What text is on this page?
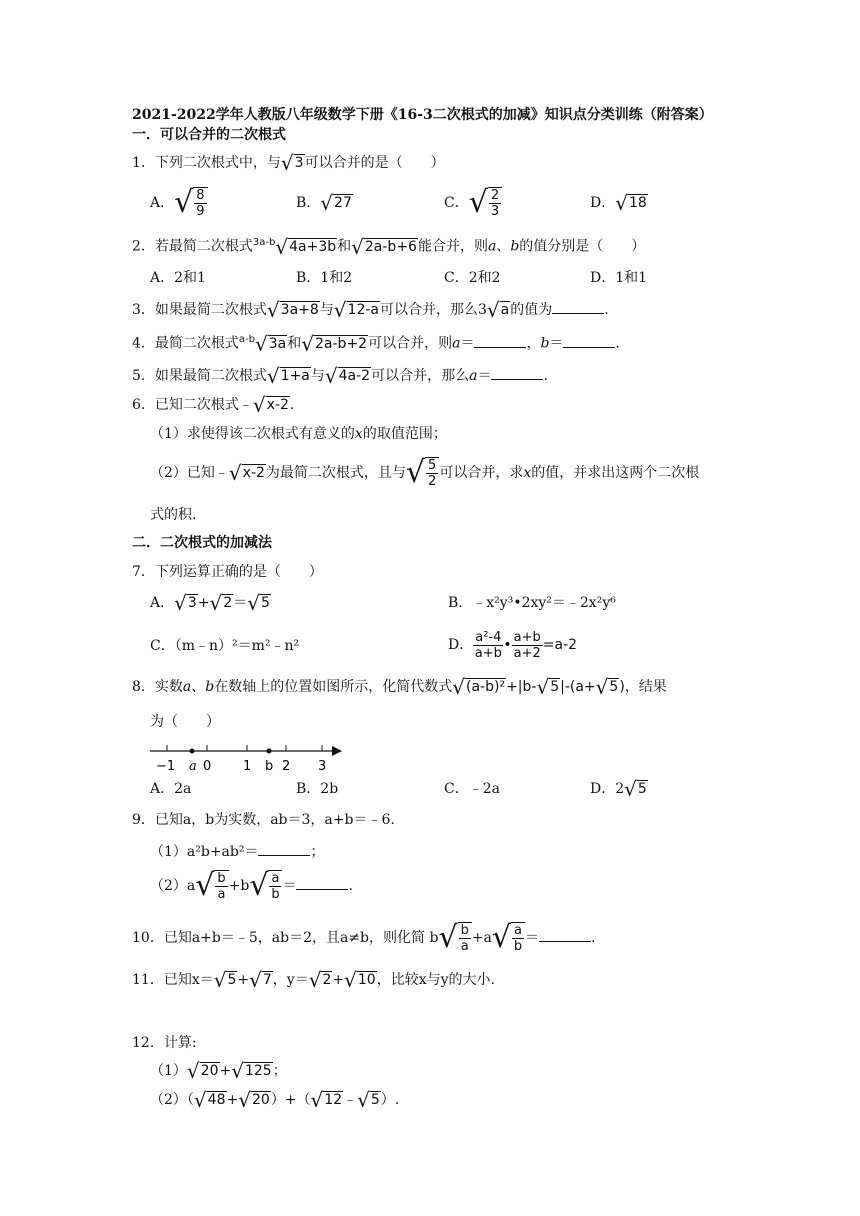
2021-2022学年人教版八年级数学下册《16-3二次根式的加减》知识点分类训练（附答案）
一．可以合并的二次根式
1．下列二次根式中，与√3可以合并的是（　　）
A．√ $\frac{8}{9}$	B．√27	C．√ $\frac{2}{3}$	D．√18
2．若最简二次根式$^{3a-b}$√4a+3b和√2a-b+6能合并，则a、b的值分别是（　　）
A．2和1	B．1和2	C．2和2	D．1和1
3．如果最简二次根式√3a+8与√12-a可以合并，那么3√a的值为	.
4．最简二次根式$^{a-b}$√3a和√2a-b+2可以合并，则a＝	，b＝	.
5．如果最简二次根式√1+a与√4a-2可以合并，那么a＝	.
6．已知二次根式﹣√x-2.
（1）求使得该二次根式有意义的x的取值范围；
（2）已知﹣√x-2为最简二次根式，且与√ $\frac{5}{2}$ 可以合并，求x的值，并求出这两个二次根
式的积.
二．二次根式的加减法
7．下列运算正确的是（　　）
A．√3+√2＝√5	B．﹣x²y³•2xy²＝﹣2x²y⁶
C．（m﹣n）²＝m²﹣n²	D． $\frac{\text{a²-4}}{a+b}$ • $\frac{a+b}{a+2} =a-2$
8．实数a、b在数轴上的位置如图所示，化简代数式√(a-b)²+|b-√5|-(a+√5)，结果
为（　　）
−1 a 0 1 b 2 3
A．2a	B．2b	C．﹣2a	D．2√5
9．已知a，b为实数，ab＝3，a+b＝﹣6.
（1）a²b+ab²＝	；
$(2)a√ \frac{b}{a} +b√ \frac{a}{b}$ ＝	.
10．已知a+b＝﹣5，ab＝2，且a≠b，则化简 $b√ \frac{b}{a} +a√ \frac{a}{b}$ ＝	.
11．已知x＝√5+√7，y＝√2+√10，比较x与y的大小.
12．计算:
（1）√20+√125；
（2）（√48+√20）+（√12﹣√5）.
